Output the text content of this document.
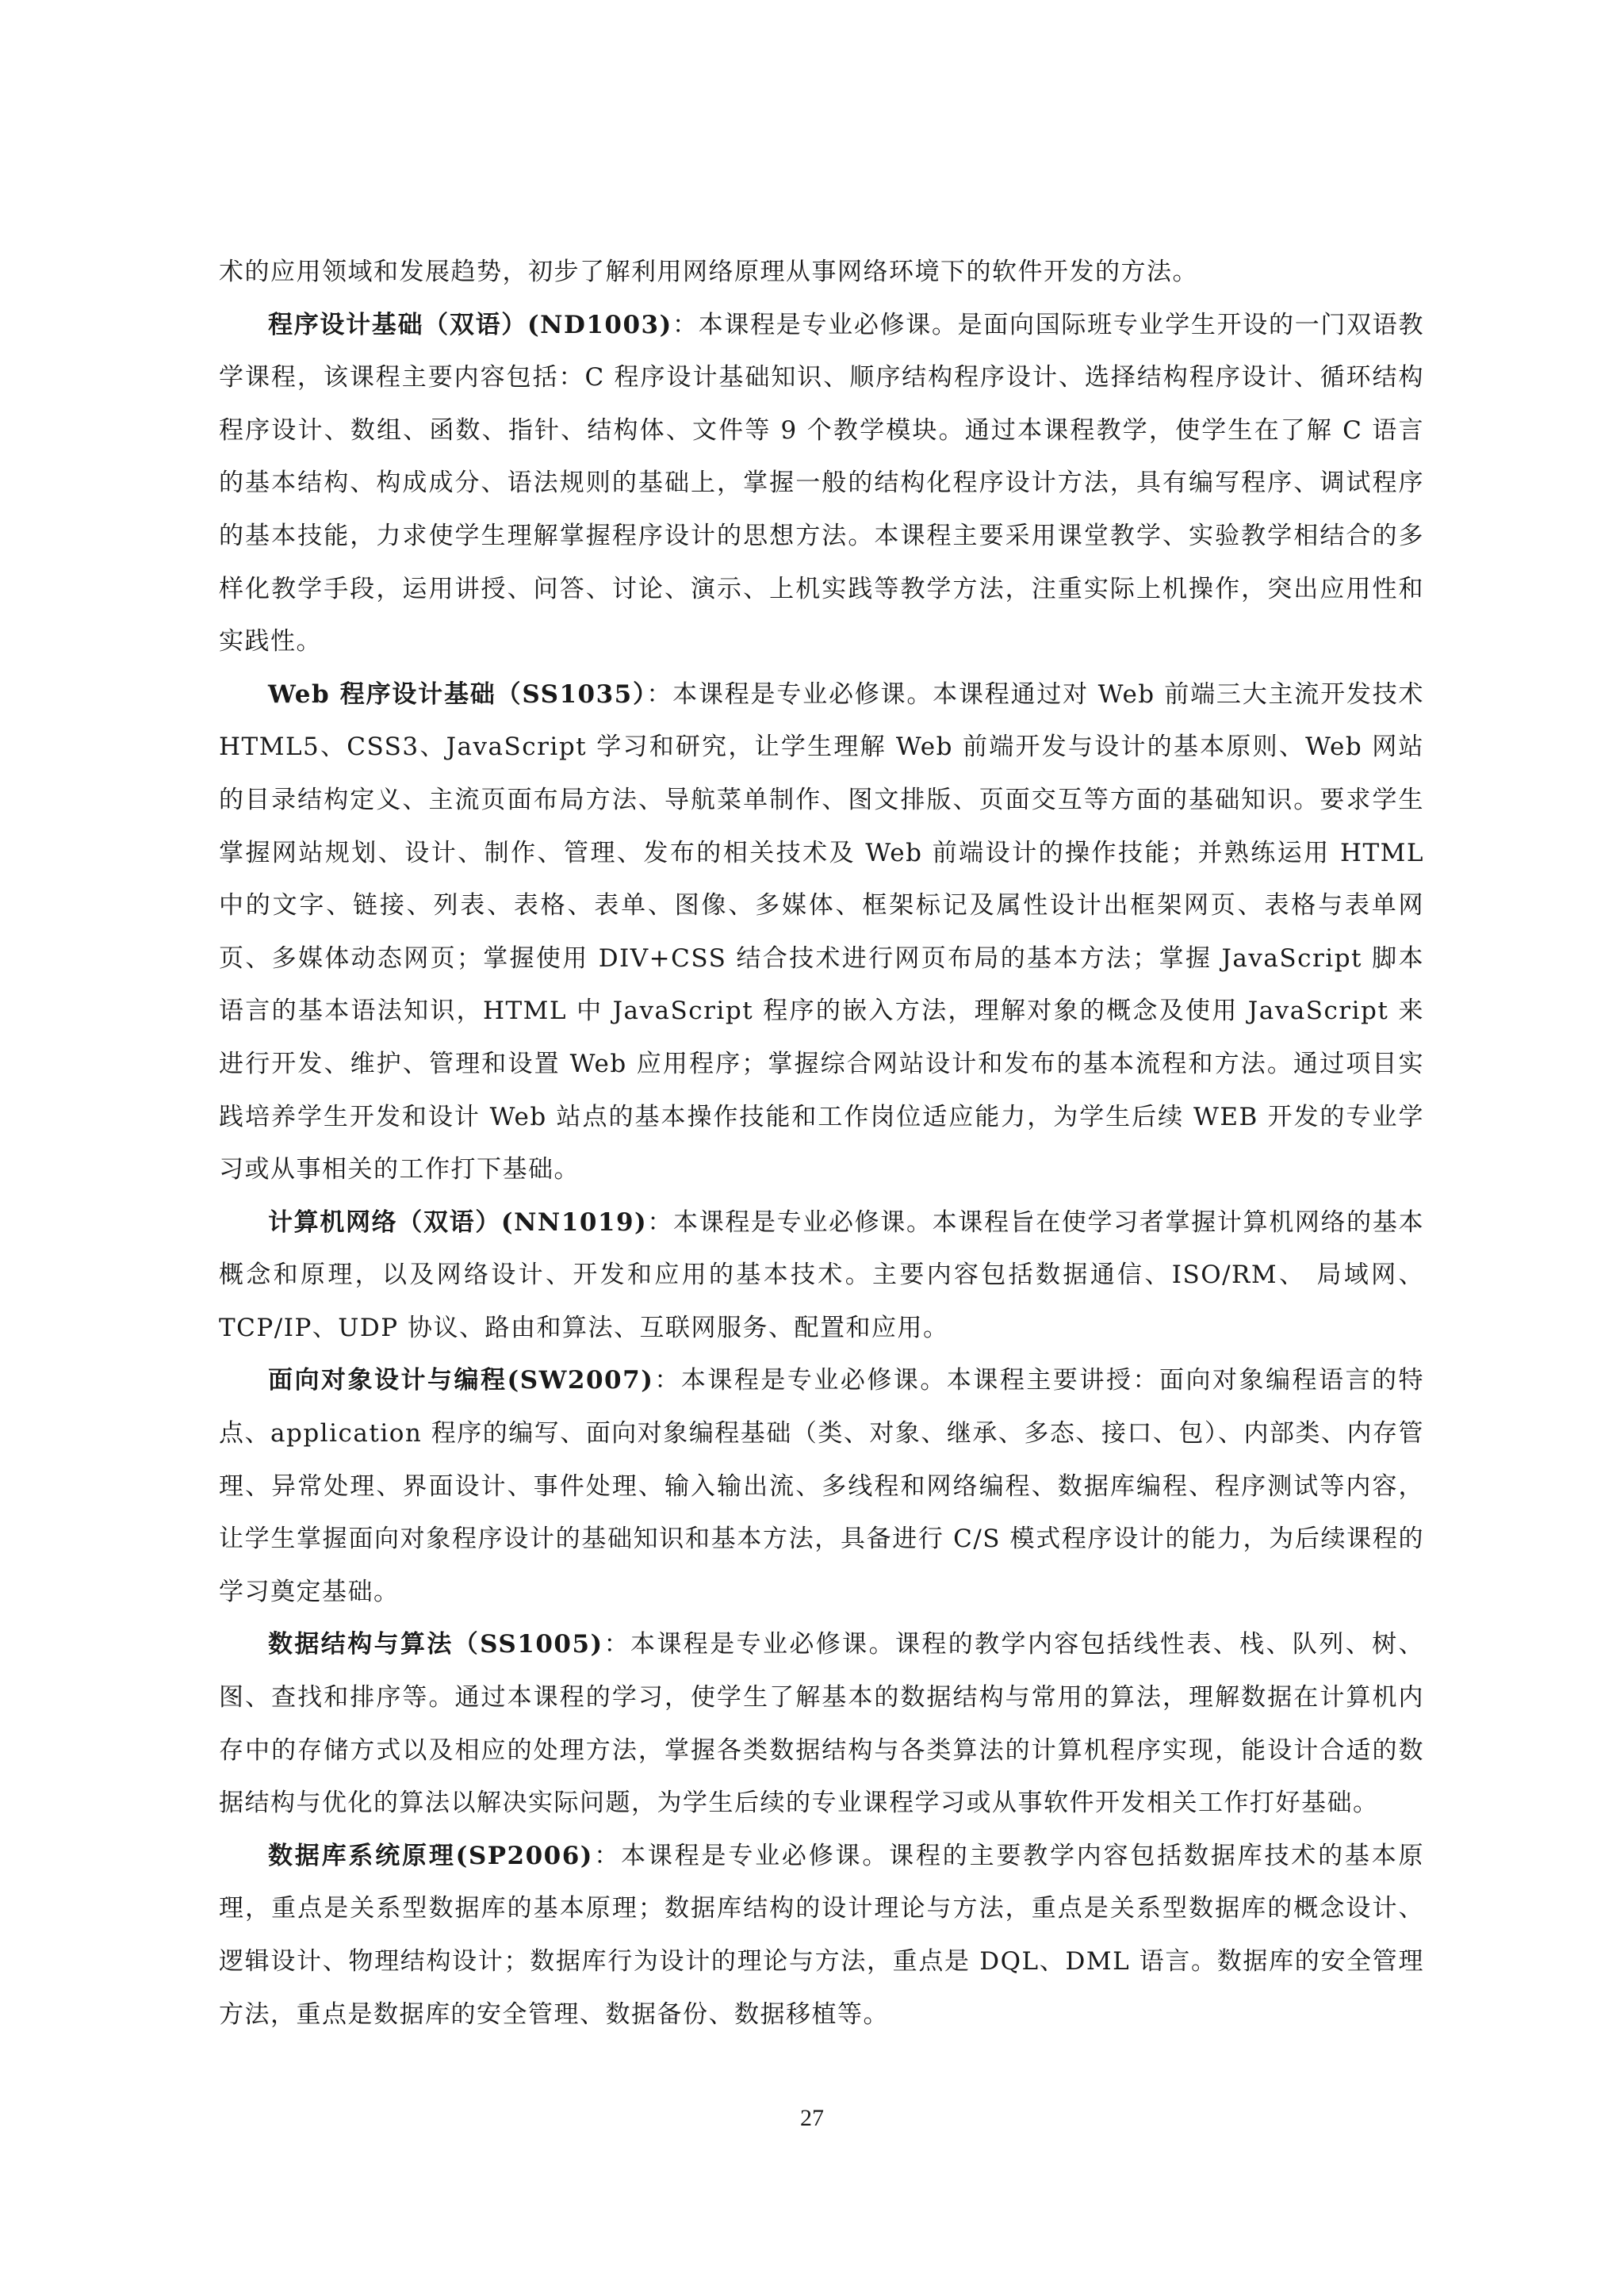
术的应用领域和发展趋势，初步了解利用网络原理从事网络环境下的软件开发的方法。

程序设计基础（双语）(ND1003)：本课程是专业必修课。是面向国际班专业学生开设的一门双语教学课程，该课程主要内容包括：C 程序设计基础知识、顺序结构程序设计、选择结构程序设计、循环结构程序设计、数组、函数、指针、结构体、文件等 9 个教学模块。通过本课程教学，使学生在了解 C 语言的基本结构、构成成分、语法规则的基础上，掌握一般的结构化程序设计方法，具有编写程序、调试程序的基本技能，力求使学生理解掌握程序设计的思想方法。本课程主要采用课堂教学、实验教学相结合的多样化教学手段，运用讲授、问答、讨论、演示、上机实践等教学方法，注重实际上机操作，突出应用性和实践性。

Web 程序设计基础（SS1035）：本课程是专业必修课。本课程通过对 Web 前端三大主流开发技术 HTML5、CSS3、JavaScript 学习和研究，让学生理解 Web 前端开发与设计的基本原则、Web 网站的目录结构定义、主流页面布局方法、导航菜单制作、图文排版、页面交互等方面的基础知识。要求学生掌握网站规划、设计、制作、管理、发布的相关技术及 Web 前端设计的操作技能；并熟练运用 HTML 中的文字、链接、列表、表格、表单、图像、多媒体、框架标记及属性设计出框架网页、表格与表单网页、多媒体动态网页；掌握使用 DIV+CSS 结合技术进行网页布局的基本方法；掌握 JavaScript 脚本语言的基本语法知识，HTML 中 JavaScript 程序的嵌入方法，理解对象的概念及使用 JavaScript 来进行开发、维护、管理和设置 Web 应用程序；掌握综合网站设计和发布的基本流程和方法。通过项目实践培养学生开发和设计 Web 站点的基本操作技能和工作岗位适应能力，为学生后续 WEB 开发的专业学习或从事相关的工作打下基础。

计算机网络（双语）(NN1019)：本课程是专业必修课。本课程旨在使学习者掌握计算机网络的基本概念和原理，以及网络设计、开发和应用的基本技术。主要内容包括数据通信、ISO/RM、 局域网、 TCP/IP、UDP 协议、路由和算法、互联网服务、配置和应用。

面向对象设计与编程(SW2007)：本课程是专业必修课。本课程主要讲授：面向对象编程语言的特点、application 程序的编写、面向对象编程基础（类、对象、继承、多态、接口、包）、内部类、内存管理、异常处理、界面设计、事件处理、输入输出流、多线程和网络编程、数据库编程、程序测试等内容，让学生掌握面向对象程序设计的基础知识和基本方法，具备进行 C/S 模式程序设计的能力，为后续课程的学习奠定基础。

数据结构与算法（SS1005)：本课程是专业必修课。课程的教学内容包括线性表、栈、队列、树、图、查找和排序等。通过本课程的学习，使学生了解基本的数据结构与常用的算法，理解数据在计算机内存中的存储方式以及相应的处理方法，掌握各类数据结构与各类算法的计算机程序实现，能设计合适的数据结构与优化的算法以解决实际问题，为学生后续的专业课程学习或从事软件开发相关工作打好基础。

数据库系统原理(SP2006)：本课程是专业必修课。课程的主要教学内容包括数据库技术的基本原理，重点是关系型数据库的基本原理；数据库结构的设计理论与方法，重点是关系型数据库的概念设计、逻辑设计、物理结构设计；数据库行为设计的理论与方法，重点是 DQL、DML 语言。数据库的安全管理方法，重点是数据库的安全管理、数据备份、数据移植等。

27
